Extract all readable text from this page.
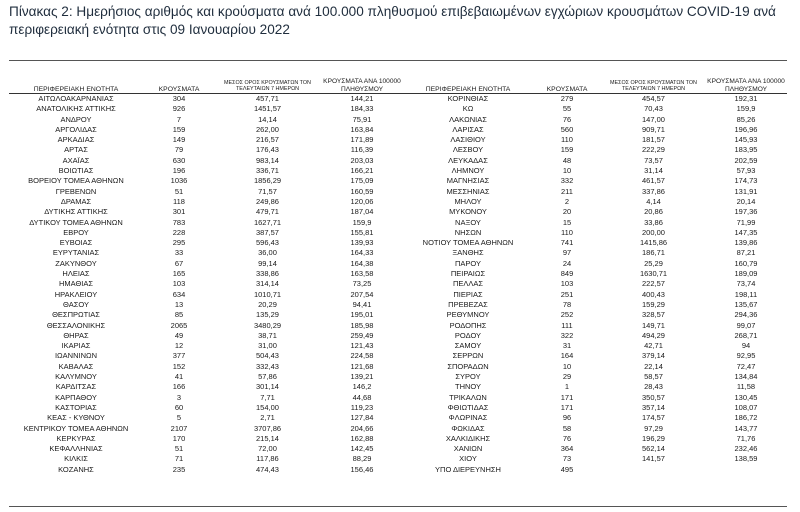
Πίνακας 2: Ημερήσιος αριθμός και κρούσματα ανά 100.000 πληθυσμού επιβεβαιωμένων εγχώριων κρουσμάτων COVID-19 ανά περιφερειακή ενότητα στις 09 Ιανουαρίου 2022
ΠΕΡΙΦΕΡΕΙΑΚΗ ΕΝΟΤΗΤΑ	ΚΡΟΥΣΜΑΤΑ	ΜΕΣΟΣ ΟΡΟΣ ΚΡΟΥΣΜΑΤΩΝ ΤΟΝ ΤΕΛΕΥΤΑΙΩΝ 7 ΗΜΕΡΩΝ	ΚΡΟΥΣΜΑΤΑ ΑΝΑ 100000 ΠΛΗΘΥΣΜΟΥ	ΠΕΡΙΦΕΡΕΙΑΚΗ ΕΝΟΤΗΤΑ	ΚΡΟΥΣΜΑΤΑ	ΜΕΣΟΣ ΟΡΟΣ ΚΡΟΥΣΜΑΤΩΝ ΤΟΝ ΤΕΛΕΥΤΑΙΩΝ 7 ΗΜΕΡΩΝ	ΚΡΟΥΣΜΑΤΑ ΑΝΑ 100000 ΠΛΗΘΥΣΜΟΥ
ΑΙΤΩΛΟΑΚΑΡΝΑΝΙΑΣ	304	457,71	144,21	ΚΟΡΙΝΘΙΑΣ	279	454,57	192,31
ΑΝΑΤΟΛΙΚΗΣ ΑΤΤΙΚΗΣ	926	1451,57	184,33	ΚΩ	55	70,43	159,9
ΑΝΔΡΟΥ	7	14,14	75,91	ΛΑΚΩΝΙΑΣ	76	147,00	85,26
ΑΡΓΟΛΙΔΑΣ	159	262,00	163,84	ΛΑΡΙΣΑΣ	560	909,71	196,96
ΑΡΚΑΔΙΑΣ	149	216,57	171,89	ΛΑΣΙΘΙΟΥ	110	181,57	145,93
ΑΡΤΑΣ	79	176,43	116,39	ΛΕΣΒΟΥ	159	222,29	183,95
ΑΧΑΪΑΣ	630	983,14	203,03	ΛΕΥΚΑΔΑΣ	48	73,57	202,59
ΒΟΙΩΤΙΑΣ	196	336,71	166,21	ΛΗΜΝΟΥ	10	31,14	57,93
ΒΟΡΕΙΟΥ ΤΟΜΕΑ ΑΘΗΝΩΝ	1036	1856,29	175,09	ΜΑΓΝΗΣΙΑΣ	332	461,57	174,73
ΓΡΕΒΕΝΩΝ	51	71,57	160,59	ΜΕΣΣΗΝΙΑΣ	211	337,86	131,91
ΔΡΑΜΑΣ	118	249,86	120,06	ΜΗΛΟΥ	2	4,14	20,14
ΔΥΤΙΚΗΣ ΑΤΤΙΚΗΣ	301	479,71	187,04	ΜΥΚΟΝΟΥ	20	20,86	197,36
ΔΥΤΙΚΟΥ ΤΟΜΕΑ ΑΘΗΝΩΝ	783	1627,71	159,9	ΝΑΞΟΥ	15	33,86	71,99
ΕΒΡΟΥ	228	387,57	155,81	ΝΗΣΩΝ	110	200,00	147,35
ΕΥΒΟΙΑΣ	295	596,43	139,93	ΝΟΤΙΟΥ ΤΟΜΕΑ ΑΘΗΝΩΝ	741	1415,86	139,86
ΕΥΡΥΤΑΝΙΑΣ	33	36,00	164,33	ΞΑΝΘΗΣ	97	186,71	87,21
ΖΑΚΥΝΘΟΥ	67	99,14	164,38	ΠΑΡΟΥ	24	25,29	160,79
ΗΛΕΙΑΣ	165	338,86	163,58	ΠΕΙΡΑΙΩΣ	849	1630,71	189,09
ΗΜΑΘΙΑΣ	103	314,14	73,25	ΠΕΛΛΑΣ	103	222,57	73,74
ΗΡΑΚΛΕΙΟΥ	634	1010,71	207,54	ΠΙΕΡΙΑΣ	251	400,43	198,11
ΘΑΣΟΥ	13	20,29	94,41	ΠΡΕΒΕΖΑΣ	78	159,29	135,67
ΘΕΣΠΡΩΤΙΑΣ	85	135,29	195,01	ΡΕΘΥΜΝΟΥ	252	328,57	294,36
ΘΕΣΣΑΛΟΝΙΚΗΣ	2065	3480,29	185,98	ΡΟΔΟΠΗΣ	111	149,71	99,07
ΘΗΡΑΣ	49	38,71	259,49	ΡΟΔΟΥ	322	494,29	268,71
ΙΚΑΡΙΑΣ	12	31,00	121,43	ΣΑΜΟΥ	31	42,71	94
ΙΩΑΝΝΙΝΩΝ	377	504,43	224,58	ΣΕΡΡΩΝ	164	379,14	92,95
ΚΑΒΑΛΑΣ	152	332,43	121,68	ΣΠΟΡΑΔΩΝ	10	22,14	72,47
ΚΑΛΥΜΝΟΥ	41	57,86	139,21	ΣΥΡΟΥ	29	58,57	134,84
ΚΑΡΔΙΤΣΑΣ	166	301,14	146,2	ΤΗΝΟΥ	1	28,43	11,58
ΚΑΡΠΑΘΟΥ	3	7,71	44,68	ΤΡΙΚΑΛΩΝ	171	350,57	130,45
ΚΑΣΤΟΡΙΑΣ	60	154,00	119,23	ΦΘΙΩΤΙΔΑΣ	171	357,14	108,07
ΚΕΑΣ - ΚΥΘΝΟΥ	5	2,71	127,84	ΦΛΩΡΙΝΑΣ	96	174,57	186,72
ΚΕΝΤΡΙΚΟΥ ΤΟΜΕΑ ΑΘΗΝΩΝ	2107	3707,86	204,66	ΦΩΚΙΔΑΣ	58	97,29	143,77
ΚΕΡΚΥΡΑΣ	170	215,14	162,88	ΧΑΛΚΙΔΙΚΗΣ	76	196,29	71,76
ΚΕΦΑΛΛΗΝΙΑΣ	51	72,00	142,45	ΧΑΝΙΩΝ	364	562,14	232,46
ΚΙΛΚΙΣ	71	117,86	88,29	ΧΙΟΥ	73	141,57	138,59
ΚΟΖΑΝΗΣ	235	474,43	156,46	ΥΠΟ ΔΙΕΡΕΥΝΗΣΗ	495		
